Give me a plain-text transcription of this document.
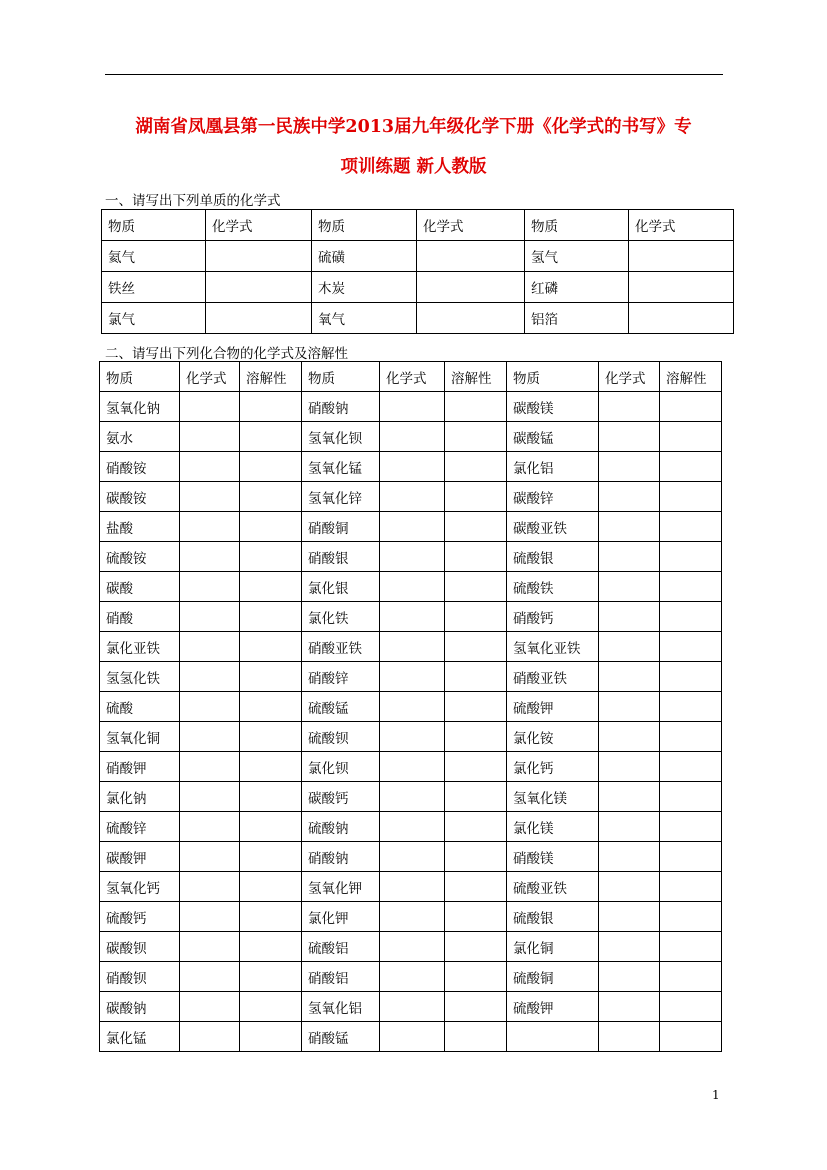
湖南省凤凰县第一民族中学2013届九年级化学下册《化学式的书写》专
项训练题 新人教版
一、请写出下列单质的化学式
物质	化学式	物质	化学式	物质	化学式
氦气		硫磺		氢气	
铁丝		木炭		红磷	
氯气		氧气		铝箔	
二、请写出下列化合物的化学式及溶解性
物质	化学式	溶解性	物质	化学式	溶解性	物质	化学式	溶解性
氢氧化钠			硝酸钠			碳酸镁		
氨水			氢氧化钡			碳酸锰		
硝酸铵			氢氧化锰			氯化铝		
碳酸铵			氢氧化锌			碳酸锌		
盐酸			硝酸铜			碳酸亚铁		
硫酸铵			硝酸银			硫酸银		
碳酸			氯化银			硫酸铁		
硝酸			氯化铁			硝酸钙		
氯化亚铁			硝酸亚铁			氢氧化亚铁		
氢氢化铁			硝酸锌			硝酸亚铁		
硫酸			硫酸锰			硫酸钾		
氢氧化铜			硫酸钡			氯化铵		
硝酸钾			氯化钡			氯化钙		
氯化钠			碳酸钙			氢氧化镁		
硫酸锌			硫酸钠			氯化镁		
碳酸钾			硝酸钠			硝酸镁		
氢氧化钙			氢氧化钾			硫酸亚铁		
硫酸钙			氯化钾			硫酸银		
碳酸钡			硫酸铝			氯化铜		
硝酸钡			硝酸铝			硫酸铜		
碳酸钠			氢氧化铝			硫酸钾		
氯化锰			硝酸锰					
1
